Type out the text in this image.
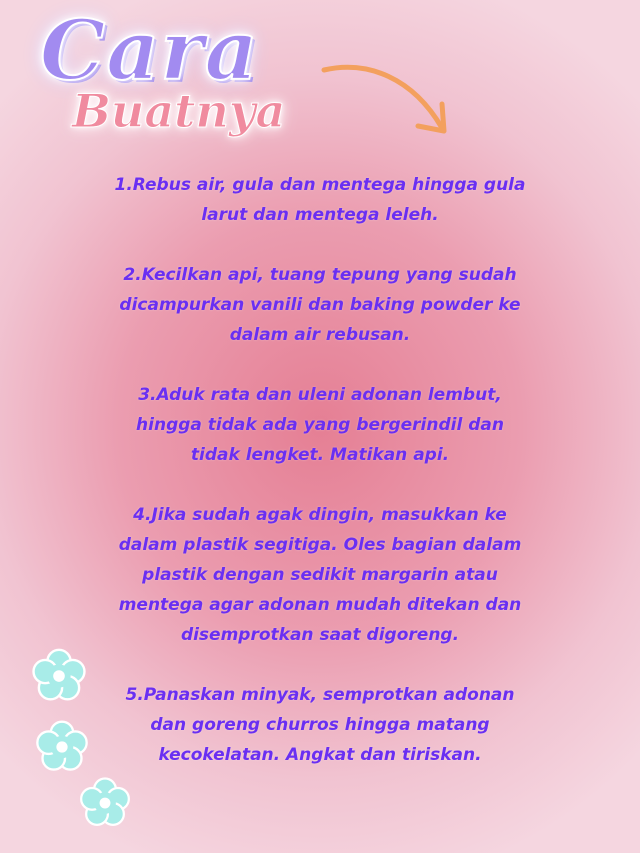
Cara
Buatnya
1.Rebus air, gula dan mentega hingga gula larut dan mentega leleh.
2.Kecilkan api, tuang tepung yang sudah dicampurkan vanili dan baking powder ke dalam air rebusan.
3.Aduk rata dan uleni adonan lembut, hingga tidak ada yang bergerindil dan tidak lengket. Matikan api.
4.Jika sudah agak dingin, masukkan ke dalam plastik segitiga. Oles bagian dalam plastik dengan sedikit margarin atau mentega agar adonan mudah ditekan dan disemprotkan saat digoreng.
5.Panaskan minyak, semprotkan adonan dan goreng churros hingga matang kecokelatan. Angkat dan tiriskan.
